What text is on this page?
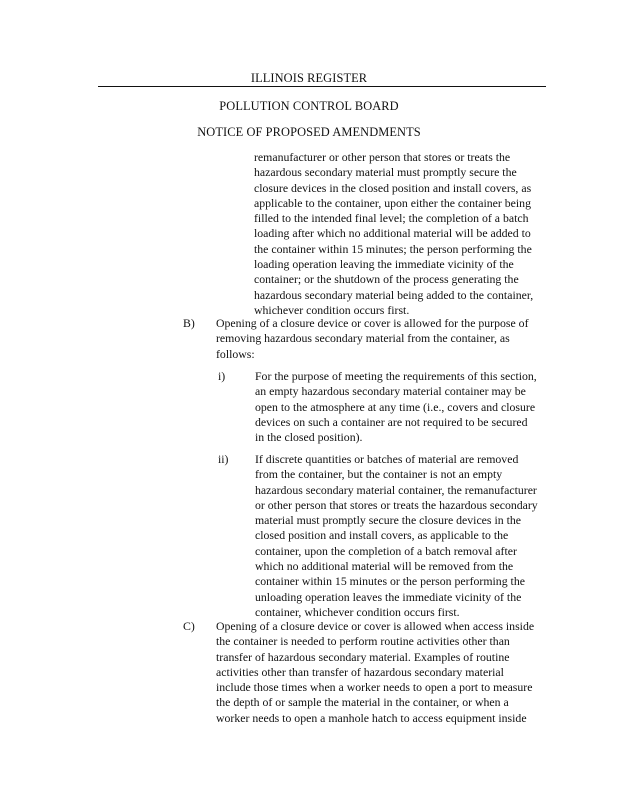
ILLINOIS REGISTER
POLLUTION CONTROL BOARD
NOTICE OF PROPOSED AMENDMENTS
remanufacturer or other person that stores or treats the
hazardous secondary material must promptly secure the
closure devices in the closed position and install covers, as
applicable to the container, upon either the container being
filled to the intended final level; the completion of a batch
loading after which no additional material will be added to
the container within 15 minutes; the person performing the
loading operation leaving the immediate vicinity of the
container; or the shutdown of the process generating the
hazardous secondary material being added to the container,
whichever condition occurs first.
B) Opening of a closure device or cover is allowed for the purpose of
removing hazardous secondary material from the container, as
follows:
i)	For the purpose of meeting the requirements of this section,
an empty hazardous secondary material container may be
open to the atmosphere at any time (i.e., covers and closure
devices on such a container are not required to be secured
in the closed position).
ii) If discrete quantities or batches of material are removed
from the container, but the container is not an empty
hazardous secondary material container, the remanufacturer
or other person that stores or treats the hazardous secondary
material must promptly secure the closure devices in the
closed position and install covers, as applicable to the
container, upon the completion of a batch removal after
which no additional material will be removed from the
container within 15 minutes or the person performing the
unloading operation leaves the immediate vicinity of the
container, whichever condition occurs first.
C) Opening of a closure device or cover is allowed when access inside
the container is needed to perform routine activities other than
transfer of hazardous secondary material. Examples of routine
activities other than transfer of hazardous secondary material
include those times when a worker needs to open a port to measure
the depth of or sample the material in the container, or when a
worker needs to open a manhole hatch to access equipment inside
